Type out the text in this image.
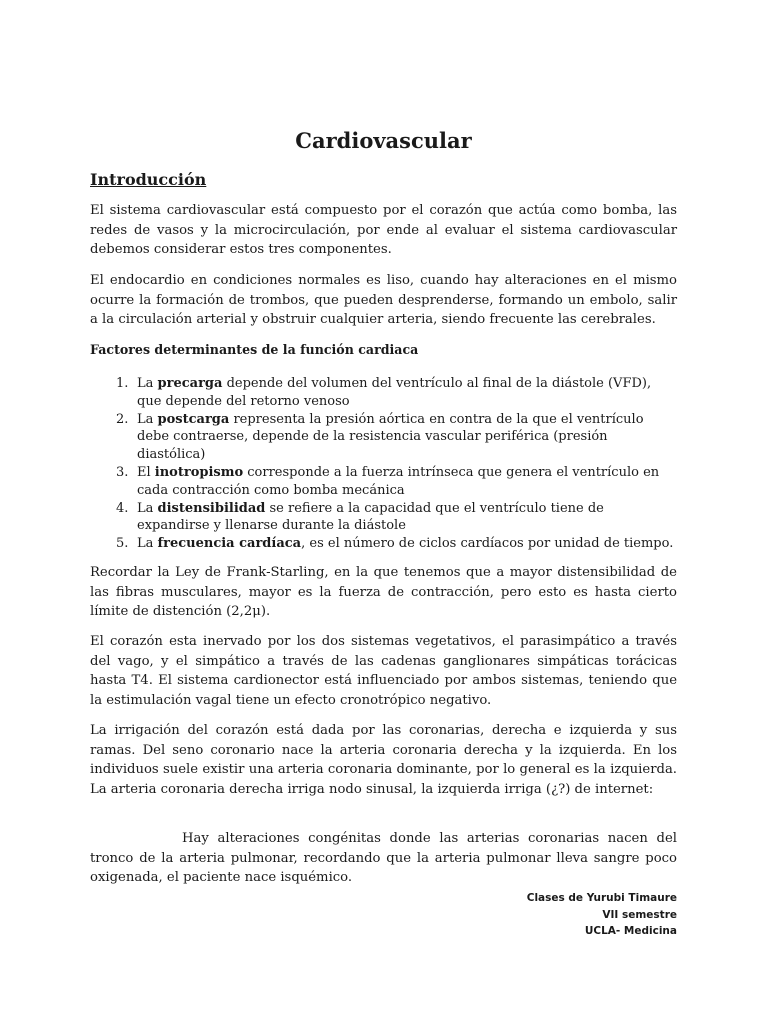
Cardiovascular
Introducción

El sistema cardiovascular está compuesto por el corazón que actúa como bomba, las redes de vasos y la microcirculación, por ende al evaluar el sistema cardiovascular debemos considerar estos tres componentes.

El endocardio en condiciones normales es liso, cuando hay alteraciones en el mismo ocurre la formación de trombos, que pueden desprenderse, formando un embolo, salir a la circulación arterial y obstruir cualquier arteria, siendo frecuente las cerebrales.

Factores determinantes de la función cardiaca
1. La precarga depende del volumen del ventrículo al final de la diástole (VFD), que depende del retorno venoso
2. La postcarga representa la presión aórtica en contra de la que el ventrículo debe contraerse, depende de la resistencia vascular periférica (presión diastólica)
3. El inotropismo corresponde a la fuerza intrínseca que genera el ventrículo en cada contracción como bomba mecánica
4. La distensibilidad se refiere a la capacidad que el ventrículo tiene de expandirse y llenarse durante la diástole
5. La frecuencia cardíaca, es el número de ciclos cardíacos por unidad de tiempo.

Recordar la Ley de Frank-Starling, en la que tenemos que a mayor distensibilidad de las fibras musculares, mayor es la fuerza de contracción, pero esto es hasta cierto límite de distención (2,2μ).

El corazón esta inervado por los dos sistemas vegetativos, el parasimpático a través del vago, y el simpático a través de las cadenas ganglionares simpáticas torácicas hasta T4. El sistema cardionector está influenciado por ambos sistemas, teniendo que la estimulación vagal tiene un efecto cronotrópico negativo.

La irrigación del corazón está dada por las coronarias, derecha e izquierda y sus ramas. Del seno coronario nace la arteria coronaria derecha y la izquierda. En los individuos suele existir una arteria coronaria dominante, por lo general es la izquierda. La arteria coronaria derecha irriga nodo sinusal, la izquierda irriga (¿?) de internet:

Hay alteraciones congénitas donde las arterias coronarias nacen del tronco de la arteria pulmonar, recordando que la arteria pulmonar lleva sangre poco oxigenada, el paciente nace isquémico.

Clases de Yurubi Timaure
VII semestre
UCLA- Medicina
